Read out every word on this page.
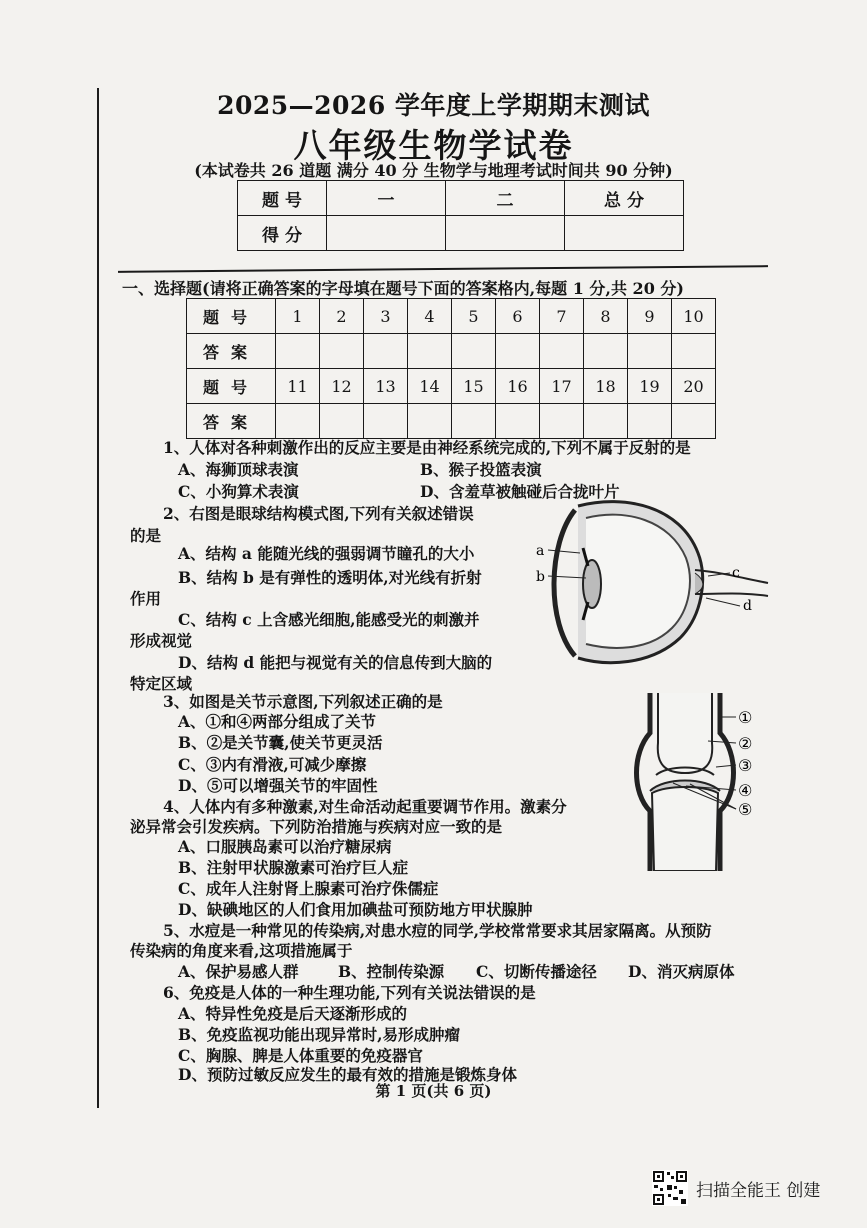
2025—2026 学年度上学期期末测试
八年级生物学试卷
(本试卷共 26 道题 满分 40 分 生物学与地理考试时间共 90 分钟)
题 号	一	二	总 分
得 分			
一、选择题(请将正确答案的字母填在题号下面的答案格内,每题 1 分,共 20 分)
题号	1	2	3	4	5	6	7	8	9	10
答案										
题号	11	12	13	14	15	16	17	18	19	20
答案										
1、人体对各种刺激作出的反应主要是由神经系统完成的,下列不属于反射的是
A、海狮顶球表演	B、猴子投篮表演
C、小狗算术表演	D、含羞草被触碰后合拢叶片
2、右图是眼球结构模式图,下列有关叙述错误
的是
A、结构 a 能随光线的强弱调节瞳孔的大小
B、结构 b 是有弹性的透明体,对光线有折射
作用
C、结构 c 上含感光细胞,能感受光的刺激并
形成视觉
D、结构 d 能把与视觉有关的信息传到大脑的
特定区域
a
b	c
d
3、如图是关节示意图,下列叙述正确的是
A、①和④两部分组成了关节
B、②是关节囊,使关节更灵活
C、③内有滑液,可减少摩擦
D、⑤可以增强关节的牢固性
①
②
③
④
⑤
4、人体内有多种激素,对生命活动起重要调节作用。激素分
泌异常会引发疾病。下列防治措施与疾病对应一致的是
A、口服胰岛素可以治疗糖尿病
B、注射甲状腺激素可治疗巨人症
C、成年人注射肾上腺素可治疗侏儒症
D、缺碘地区的人们食用加碘盐可预防地方甲状腺肿
5、水痘是一种常见的传染病,对患水痘的同学,学校常常要求其居家隔离。从预防
传染病的角度来看,这项措施属于
A、保护易感人群	B、控制传染源 C、切断传播途径 D、消灭病原体
6、免疫是人体的一种生理功能,下列有关说法错误的是
A、特异性免疫是后天逐渐形成的
B、免疫监视功能出现异常时,易形成肿瘤
C、胸腺、脾是人体重要的免疫器官
D、预防过敏反应发生的最有效的措施是锻炼身体
第 1 页(共 6 页)
扫描全能王 创建
